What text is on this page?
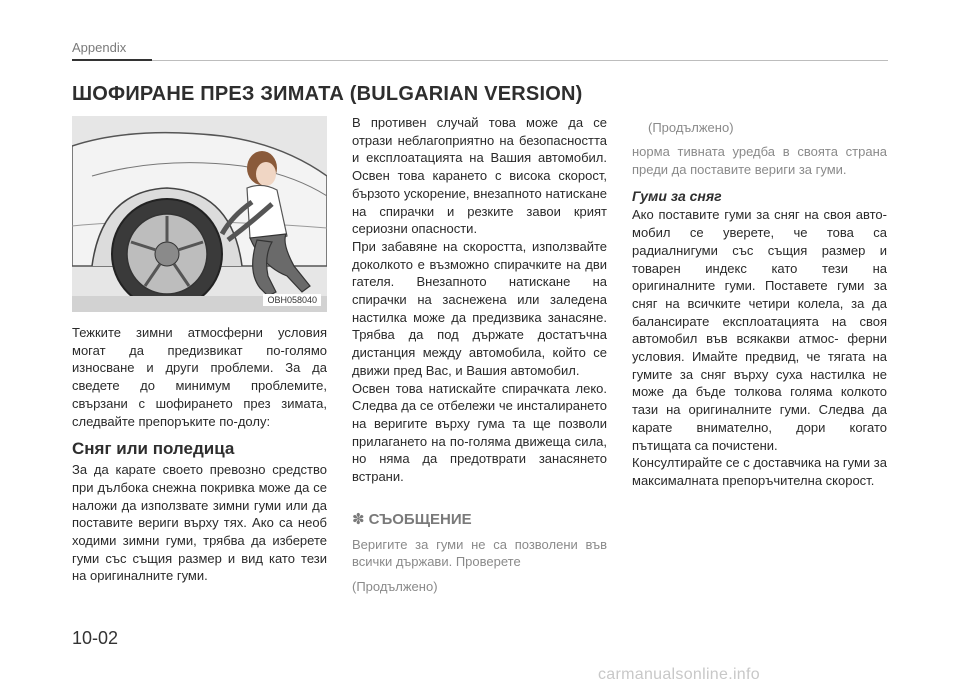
Appendix
ШОФИРАНЕ ПРЕЗ ЗИМАТА (BULGARIAN VERSION)
OBH058040

Тежките зимни атмосферни условия могат да предизвикат по-голямо износване и други проблеми. За да сведете до минимум проблемите, свързани с шофирането през зимата, следвайте препоръките по-долу:

Сняг или поледица

За да карате своето превозно средство при дълбока снежна покривка може да се наложи да използвате зимни гуми или да поставите вериги върху тях. Ако са необ ходими зимни гуми, трябва да изберете гуми със същия размер и вид като тези на оригиналните гуми.

В противен случай това може да се отрази неблагоприятно на безопасността и експлоатацията на Вашия автомобил. Освен това карането с висока скорост, бързото ускорение, внезапното натискане на спирачки и резките завои крият сериозни опасности.

При забавяне на скоростта, използвайте доколкото е възможно спирачките на дви гателя. Внезапното натискане на спирачки на заснежена или заледена настилка може да предизвика занасяне. Трябва да под държате достатъчна дистанция между автомобила, който се движи пред Вас, и Вашия автомобил.

Освен това натискайте спирачката леко. Следва да се отбележи че инсталирането на веригите върху гума та ще позволи прилагането на по-голяма движеща сила, но няма да предотврати занасянето встрани.

✽ СЪОБЩЕНИЕ

Веригите за гуми не са позволени във всички държави. Проверете

(Продължено)

(Продължено)

норма тивната уредба в своята страна преди да поставите вериги за гуми.

Гуми за сняг

Ако поставите гуми за сняг на своя авто- мобил се уверете, че това са радиалнигуми със същия размер и товарен индекс като тези на оригиналните гуми. Поставете гуми за сняг на всичките четири колела, за да балансирате експлоатацията на своя автомобил във всякакви атмос- ферни условия. Имайте предвид, че тягата на гумите за сняг върху суха настилка не може да бъде толкова голяма колкото тази на оригиналните гуми. Следва да карате внимателно, дори когато пътищата са почистени.

Консултирайте се с доставчика на гуми за максималната препоръчителна скорост.

10-02
carmanualsonline.info
